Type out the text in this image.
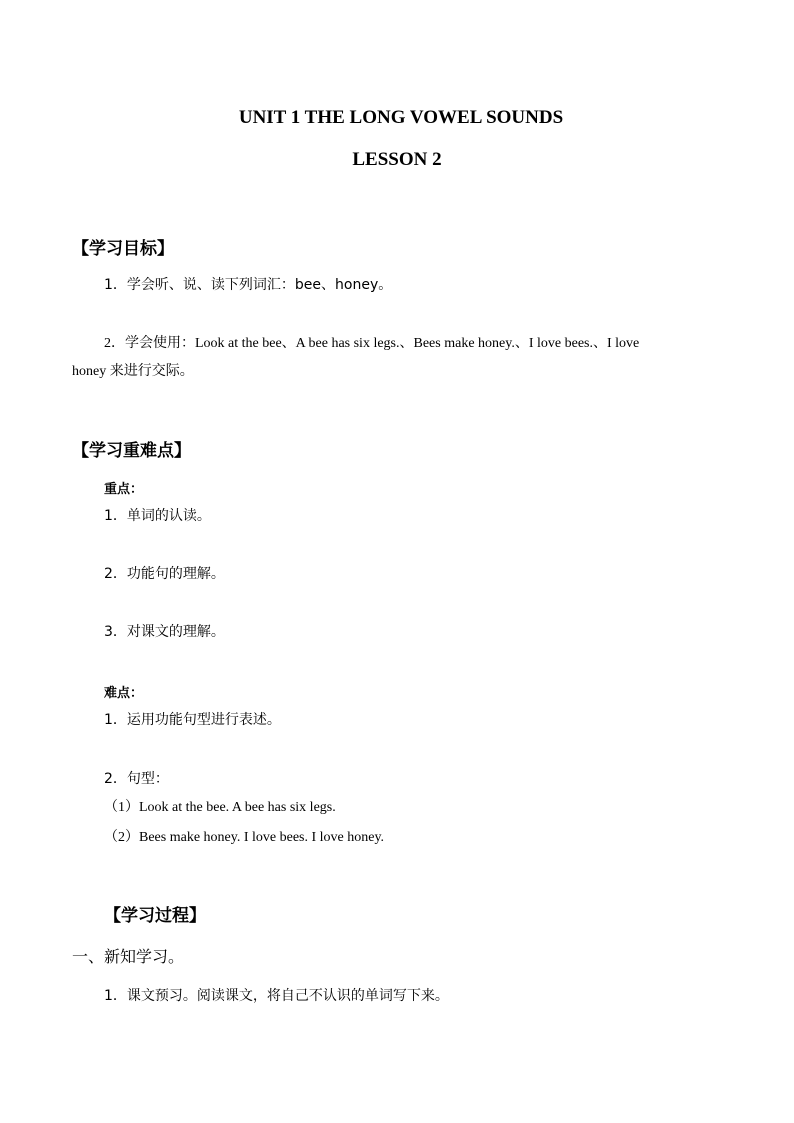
UNIT 1 THE LONG VOWEL SOUNDS
LESSON 2
【学习目标】
1．学会听、说、读下列词汇：bee、honey。
2．学会使用：Look at the bee、A bee has six legs.、Bees make honey.、I love bees.、I love
honey 来进行交际。
【学习重难点】
重点：
1．单词的认读。
2．功能句的理解。
3．对课文的理解。
难点：
1．运用功能句型进行表述。
2．句型：
（1）Look at the bee. A bee has six legs.
（2）Bees make honey. I love bees. I love honey.
【学习过程】
一、新知学习。
1．课文预习。阅读课文，将自己不认识的单词写下来。
